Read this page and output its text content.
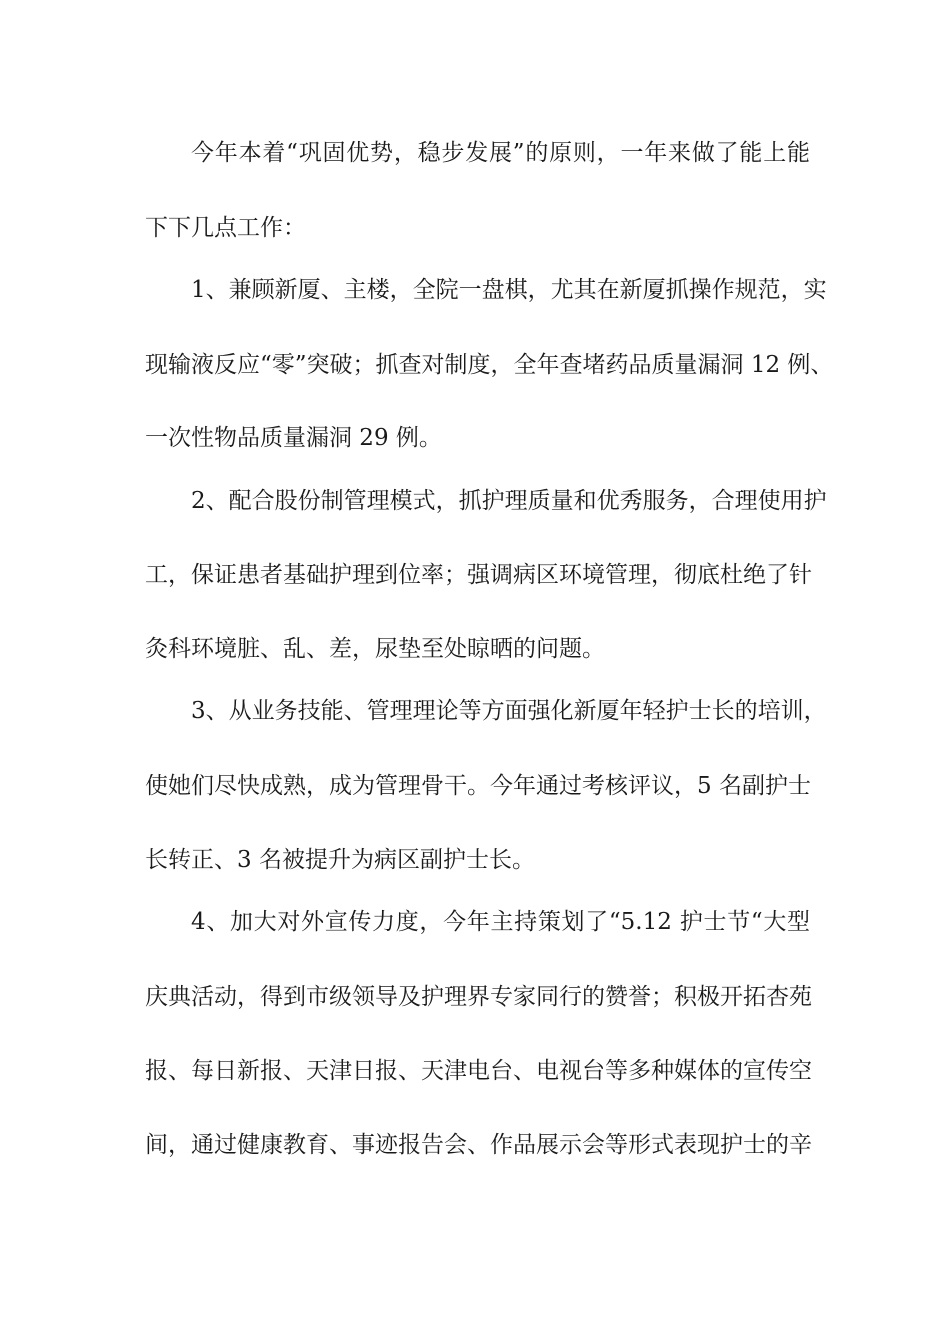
今年本着“巩固优势，稳步发展”的原则，一年来做了能上能
下下几点工作：
1、兼顾新厦、主楼，全院一盘棋，尤其在新厦抓操作规范，实
现输液反应“零”突破；抓查对制度，全年查堵药品质量漏洞 12 例、
一次性物品质量漏洞 29 例。
2、配合股份制管理模式，抓护理质量和优秀服务，合理使用护
工，保证患者基础护理到位率；强调病区环境管理，彻底杜绝了针
灸科环境脏、乱、差，尿垫至处晾晒的问题。
3、从业务技能、管理理论等方面强化新厦年轻护士长的培训，
使她们尽快成熟，成为管理骨干。今年通过考核评议，5 名副护士
长转正、3 名被提升为病区副护士长。
4、加大对外宣传力度，今年主持策划了“5.12 护士节“大型
庆典活动，得到市级领导及护理界专家同行的赞誉；积极开拓杏苑
报、每日新报、天津日报、天津电台、电视台等多种媒体的宣传空
间，通过健康教育、事迹报告会、作品展示会等形式表现护士的辛
